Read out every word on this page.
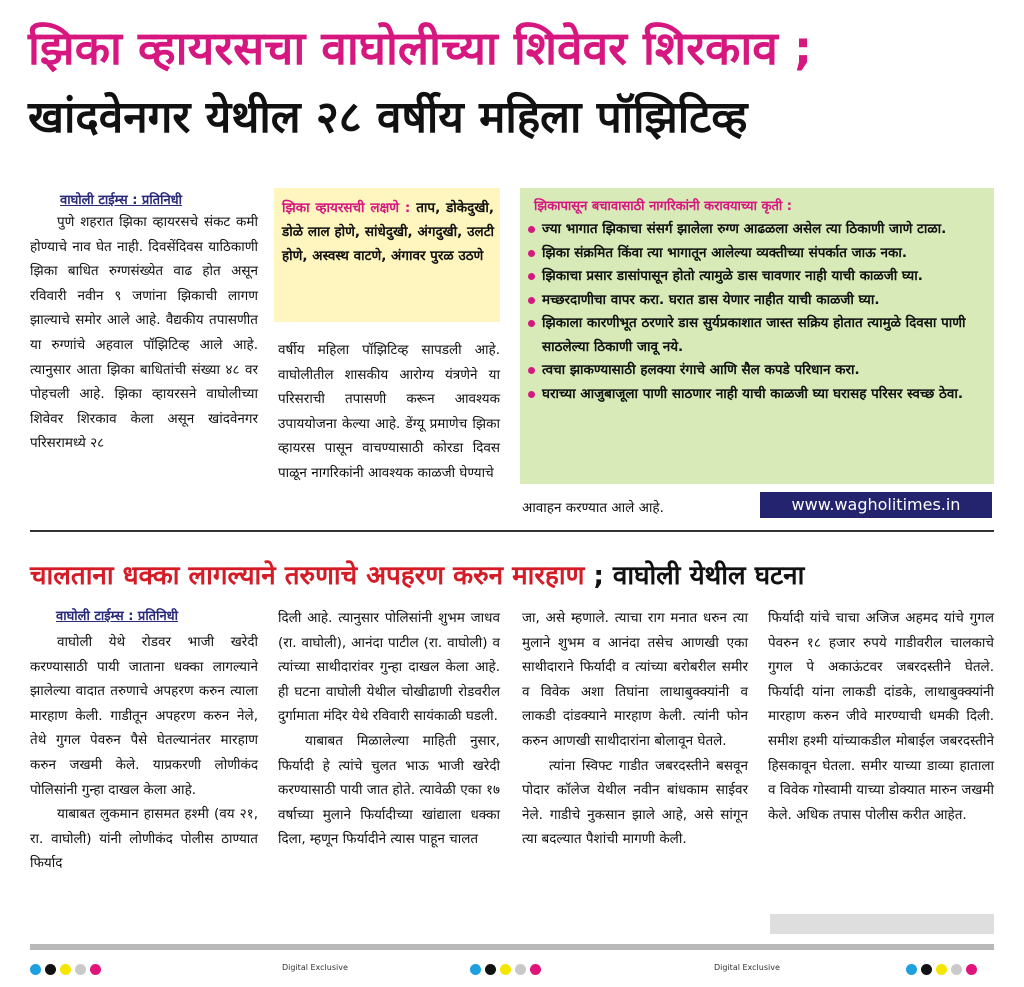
झिका व्हायरसचा वाघोलीच्या शिवेवर शिरकाव ;
खांदवेनगर येथील २८ वर्षीय महिला पॉझिटिव्ह
वाघोली टाईम्स : प्रतिनिधी

पुणे शहरात झिका व्हायरसचे संकट कमी होण्याचे नाव घेत नाही. दिवसेंदिवस याठिकाणी झिका बाधित रुग्णसंख्येत वाढ होत असून रविवारी नवीन ९ जणांना झिकाची लागण झाल्याचे समोर आले आहे. वैद्यकीय तपासणीत या रुग्णांचे अहवाल पॉझिटिव्ह आले आहे. त्यानुसार आता झिका बाधितांची संख्या ४८ वर पोहचली आहे. झिका व्हायरसने वाघोलीच्या शिवेवर शिरकाव केला असून खांदवेनगर परिसरामध्ये २८

झिका व्हायरसची लक्षणे : ताप, डोकेदुखी, डोळे लाल होणे, सांधेदुखी, अंगदुखी, उलटी होणे, अस्वस्थ वाटणे, अंगावर पुरळ उठणे

वर्षीय महिला पॉझिटिव्ह सापडली आहे. वाघोलीतील शासकीय आरोग्य यंत्रणेने या परिसराची तपासणी करून आवश्यक उपाययोजना केल्या आहे. डेंग्यू प्रमाणेच झिका व्हायरस पासून वाचण्यासाठी कोरडा दिवस पाळून नागरिकांनी आवश्यक काळजी घेण्याचे

झिकापासून बचावासाठी नागरिकांनी करावयाच्या कृती :
ज्या भागात झिकाचा संसर्ग झालेला रुग्ण आढळला असेल त्या ठिकाणी जाणे टाळा.
झिका संक्रमित किंवा त्या भागातून आलेल्या व्यक्तीच्या संपर्कात जाऊ नका.
झिकाचा प्रसार डासांपासून होतो त्यामुळे डास चावणार नाही याची काळजी घ्या.
मच्छरदाणीचा वापर करा. घरात डास येणार नाहीत याची काळजी घ्या.
झिकाला कारणीभूत ठरणारे डास सुर्यप्रकाशात जास्त सक्रिय होतात त्यामुळे दिवसा पाणी साठलेल्या ठिकाणी जावू नये.
त्वचा झाकण्यासाठी हलक्या रंगाचे आणि सैल कपडे परिधान करा.
घराच्या आजुबाजूला पाणी साठणार नाही याची काळजी घ्या घरासह परिसर स्वच्छ ठेवा.

आवाहन करण्यात आले आहे.	www.wagholitimes.in
चालताना धक्का लागल्याने तरुणाचे अपहरण करुन मारहाण ; वाघोली येथील घटना
वाघोली टाईम्स : प्रतिनिधी

वाघोली येथे रोडवर भाजी खरेदी करण्यासाठी पायी जाताना धक्का लागल्याने झालेल्या वादात तरुणाचे अपहरण करुन त्याला मारहाण केली. गाडीतून अपहरण करुन नेले, तेथे गुगल पेवरुन पैसे घेतल्यानंतर मारहाण करुन जखमी केले. याप्रकरणी लोणीकंद पोलिसांनी गुन्हा दाखल केला आहे.

याबाबत लुकमान हासमत हश्मी (वय २१, रा. वाघोली) यांनी लोणीकंद पोलीस ठाण्यात फिर्याद

दिली आहे. त्यानुसार पोलिसांनी शुभम जाधव (रा. वाघोली), आनंदा पाटील (रा. वाघोली) व त्यांच्या साथीदारांवर गुन्हा दाखल केला आहे. ही घटना वाघोली येथील चोखीढाणी रोडवरील दुर्गामाता मंदिर येथे रविवारी सायंकाळी घडली.

याबाबत मिळालेल्या माहिती नुसार, फिर्यादी हे त्यांचे चुलत भाऊ भाजी खरेदी करण्यासाठी पायी जात होते. त्यावेळी एका १७ वर्षाच्या मुलाने फिर्यादीच्या खांद्याला धक्का दिला, म्हणून फिर्यादीने त्यास पाहून चालत

जा, असे म्हणाले. त्याचा राग मनात धरुन त्या मुलाने शुभम व आनंदा तसेच आणखी एका साथीदाराने फिर्यादी व त्यांच्या बरोबरील समीर व विवेक अशा तिघांना लाथाबुक्क्यांनी व लाकडी दांडक्याने मारहाण केली. त्यांनी फोन करुन आणखी साथीदारांना बोलावून घेतले.

त्यांना स्विफ्ट गाडीत जबरदस्तीने बसवून पोदार कॉलेज येथील नवीन बांधकाम साईवर नेले. गाडीचे नुकसान झाले आहे, असे सांगून त्या बदल्यात पैशांची मागणी केली.

फिर्यादी यांचे चाचा अजिज अहमद यांचे गुगल पेवरुन १८ हजार रुपये गाडीवरील चालकाचे गुगल पे अकाऊंटवर जबरदस्तीने घेतले. फिर्यादी यांना लाकडी दांडके, लाथाबुक्क्यांनी मारहाण करुन जीवे मारण्याची धमकी दिली. समीश हश्मी यांच्याकडील मोबाईल जबरदस्तीने हिसकावून घेतला. समीर याच्या डाव्या हाताला व विवेक गोस्वामी याच्या डोक्यात मारुन जखमी केले. अधिक तपास पोलीस करीत आहेत.

Digital Exclusive	Digital Exclusive
